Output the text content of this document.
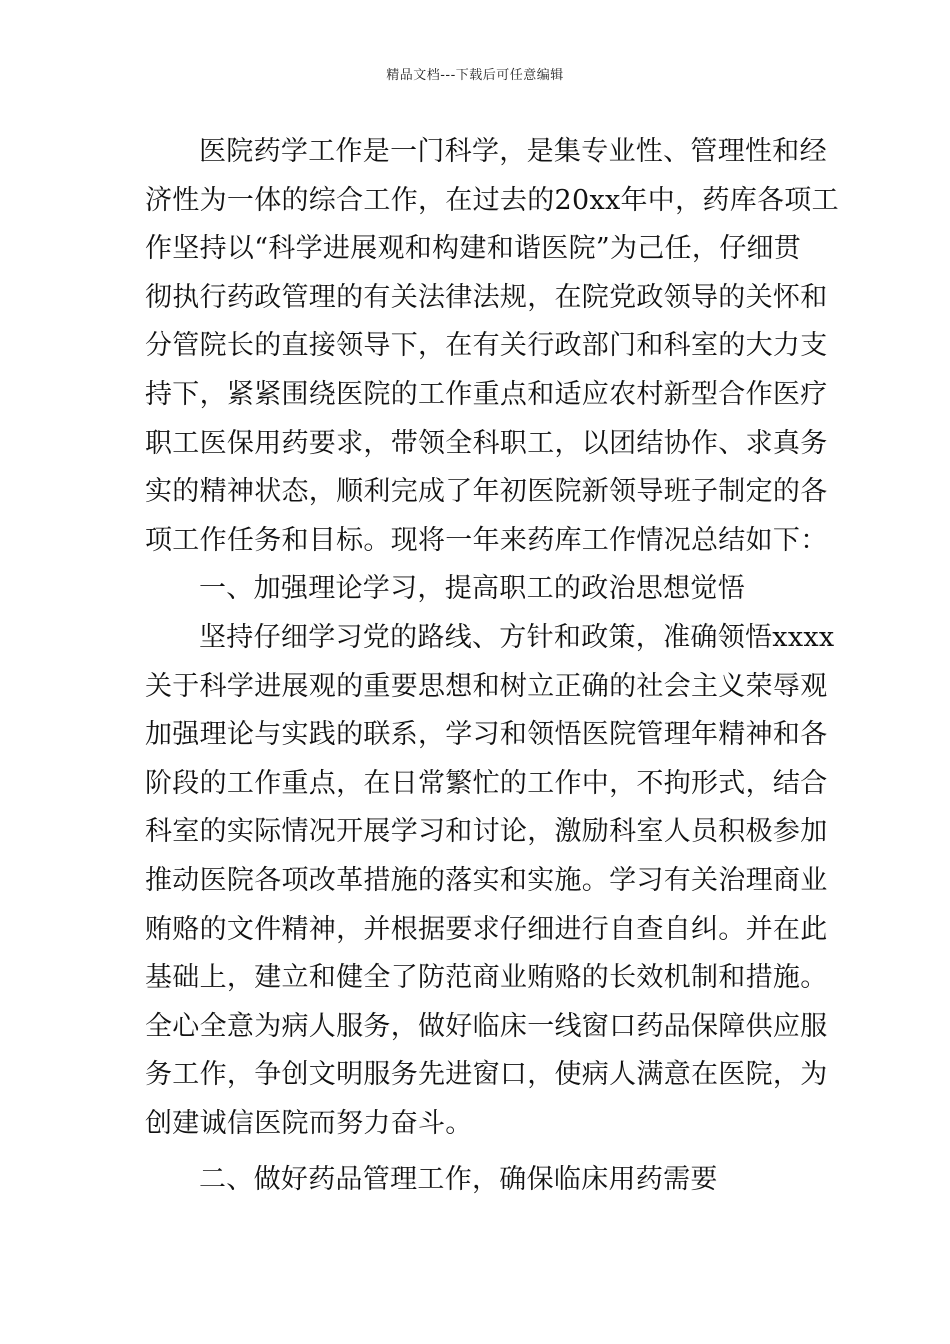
精品文档---下载后可任意编辑
医院药学工作是一门科学，是集专业性、管理性和经
济性为一体的综合工作，在过去的20xx年中，药库各项工
作坚持以“科学进展观和构建和谐医院”为己任，仔细贯
彻执行药政管理的有关法律法规，在院党政领导的关怀和
分管院长的直接领导下，在有关行政部门和科室的大力支
持下，紧紧围绕医院的工作重点和适应农村新型合作医疗
职工医保用药要求，带领全科职工，以团结协作、求真务
实的精神状态，顺利完成了年初医院新领导班子制定的各
项工作任务和目标。现将一年来药库工作情况总结如下：
一、加强理论学习，提高职工的政治思想觉悟
坚持仔细学习党的路线、方针和政策，准确领悟xxxx
关于科学进展观的重要思想和树立正确的社会主义荣辱观
加强理论与实践的联系，学习和领悟医院管理年精神和各
阶段的工作重点，在日常繁忙的工作中，不拘形式，结合
科室的实际情况开展学习和讨论，激励科室人员积极参加
推动医院各项改革措施的落实和实施。学习有关治理商业
贿赂的文件精神，并根据要求仔细进行自查自纠。并在此
基础上，建立和健全了防范商业贿赂的长效机制和措施。
全心全意为病人服务，做好临床一线窗口药品保障供应服
务工作，争创文明服务先进窗口，使病人满意在医院，为
创建诚信医院而努力奋斗。
二、做好药品管理工作，确保临床用药需要
